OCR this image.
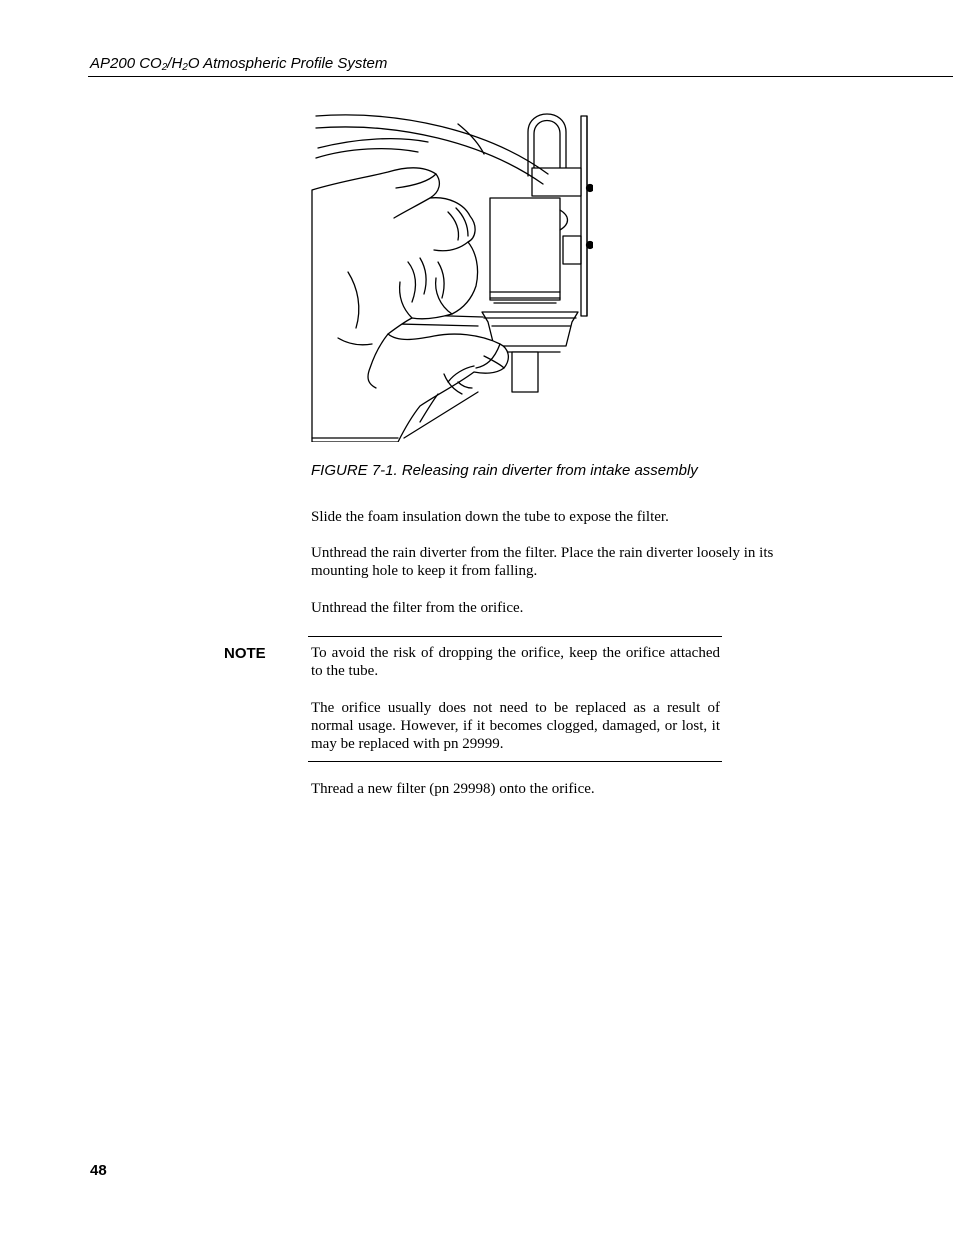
AP200 $CO_2/H_2O$ Atmospheric Profile System
FIGURE 7-1. Releasing rain diverter from intake assembly
Slide the foam insulation down the tube to expose the filter.
Unthread the rain diverter from the filter. Place the rain diverter loosely in its mounting hole to keep it from falling.
Unthread the filter from the orifice.
NOTE	To avoid the risk of dropping the orifice, keep the orifice attached to the tube.
The orifice usually does not need to be replaced as a result of normal usage. However, if it becomes clogged, damaged, or lost, it may be replaced with pn 29999.
Thread a new filter (pn 29998) onto the orifice.
48
